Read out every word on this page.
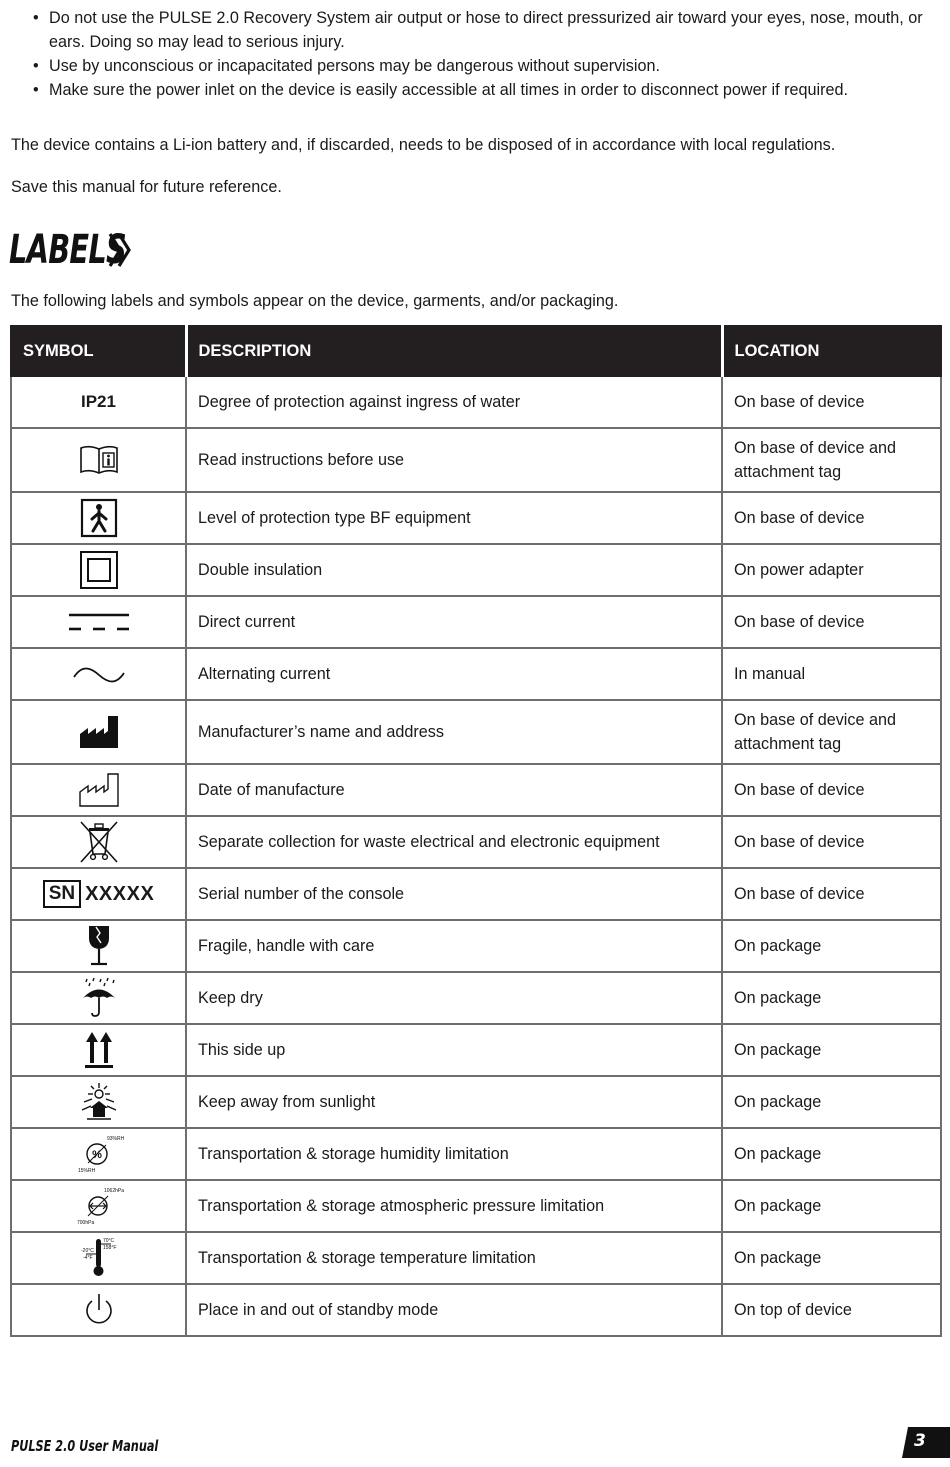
• Do not use the PULSE 2.0 Recovery System air output or hose to direct pressurized air toward your eyes, nose, mouth, or ears. Doing so may lead to serious injury.
• Use by unconscious or incapacitated persons may be dangerous without supervision.
• Make sure the power inlet on the device is easily accessible at all times in order to disconnect power if required.

The device contains a Li-ion battery and, if discarded, needs to be disposed of in accordance with local regulations.

Save this manual for future reference.

LABELS

The following labels and symbols appear on the device, garments, and/or packaging.

SYMBOL	DESCRIPTION	LOCATION
IP21	Degree of protection against ingress of water	On base of device
	Read instructions before use	On base of device and attachment tag
	Level of protection type BF equipment	On base of device
	Double insulation	On power adapter
	Direct current	On base of device
	Alternating current	In manual
	Manufacturer’s name and address	On base of device and attachment tag
	Date of manufacture	On base of device
	Separate collection for waste electrical and electronic equipment	On base of device

SN XXXXX	Serial number of the console	On base of device
	Fragile, handle with care	On package
	Keep dry	On package
	This side up	On package
	Keep away from sunlight	On package

%
93%RH
15%RH	Transportation & storage humidity limitation	On package

1062hPa
700hPa	Transportation & storage atmospheric pressure limitation	On package

70°C
158°F
-20°C
-4°F	Transportation & storage temperature limitation	On package
	Place in and out of standby mode	On top of device

PULSE 2.0 User Manual	3
